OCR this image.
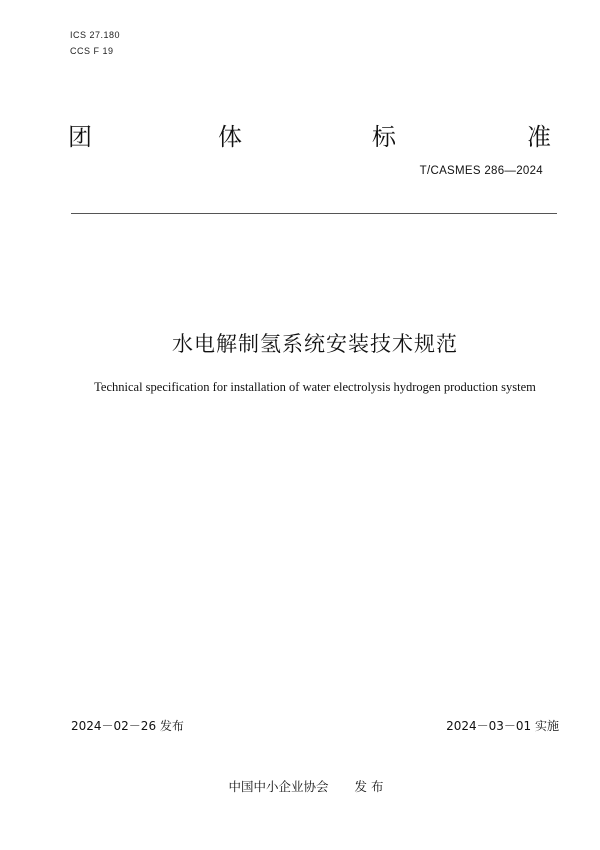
ICS 27.180
CCS F 19
团	体	标	准
T/CASMES 286—2024
水电解制氢系统安装技术规范
Technical specification for installation of water electrolysis hydrogen production system
2024－02－26 发布	2024－03－01 实施
中国中小企业协会 发 布
